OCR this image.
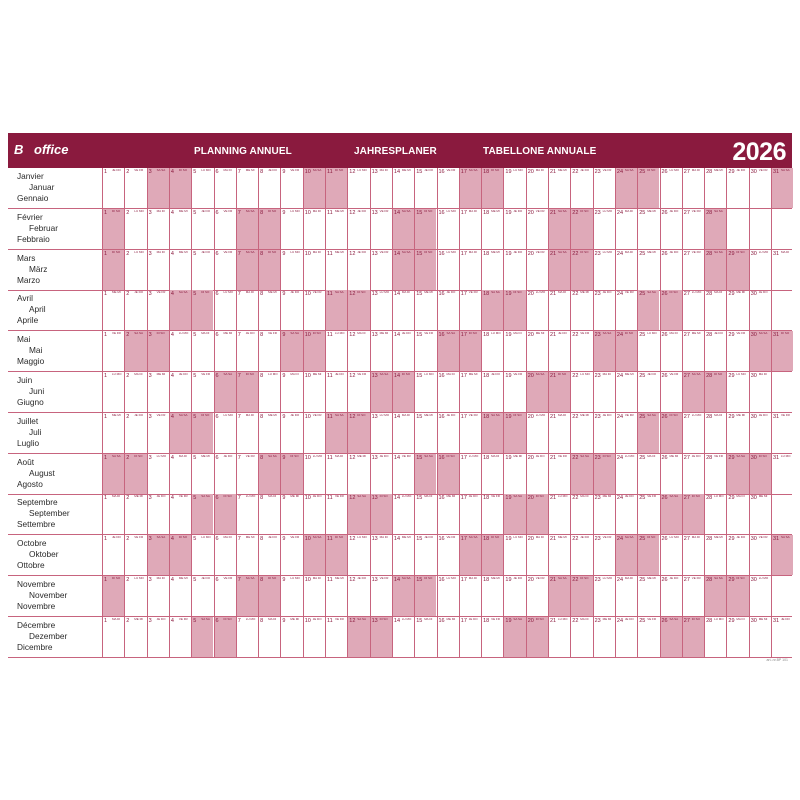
B office	PLANNING ANNUEL	JAHRESPLANER	TABELLONE ANNUALE	2026
Janvier
Januar
Gennaio
1 JE DO 2 VE FR 3 SA SA 4 DI SO 5 LU MO 6 MA DI 7 ME MI 8 JE DO 9 VE FR 10 SA SA 11 DI SO 12 LU MO 13 MA DI 14 ME MI 15 JE DO 16 VE FR 17 SA SA 18 DI SO 19 LU MO 20 MA DI 21 ME MI 22 JE DO 23 VE FR 24 SA SA 25 DI SO 26 LU MO 27 MA DI 28 ME MI 29 JE DO 30 VE FR 31 SA SA
Février
Februar
Febbraio
1 DI SO 2 LU MO 3 MA DI 4 ME MI 5 JE DO 6 VE FR 7 SA SA 8 DI SO 9 LU MO 10 MA DI 11 ME MI 12 JE DO 13 VE FR 14 SA SA 15 DI SO 16 LU MO 17 MA DI 18 ME MI 19 JE DO 20 VE FR 21 SA SA 22 DI SO 23 LU MO 24 MA DI 25 ME MI 26 JE DO 27 VE FR 28 SA SA
Mars
März
Marzo
1 DI SO 2 LU MO 3 MA DI 4 ME MI 5 JE DO 6 VE FR 7 SA SA 8 DI SO 9 LU MO 10 MA DI 11 ME MI 12 JE DO 13 VE FR 14 SA SA 15 DI SO 16 LU MO 17 MA DI 18 ME MI 19 JE DO 20 VE FR 21 SA SA 22 DI SO 23 LU MO 24 MA DI 25 ME MI 26 JE DO 27 VE FR 28 SA SA 29 DI SO 30 LU MO 31 MA DI
Avril
April
Aprile
1 ME MI 2 JE DO 3 VE FR 4 SA SA 5 DI SO 6 LU MO 7 MA DI 8 ME MI 9 JE DO 10 VE FR 11 SA SA 12 DI SO 13 LU MO 14 MA DI 15 ME MI 16 JE DO 17 VE FR 18 SA SA 19 DI SO 20 LU MO 21 MA DI 22 ME MI 23 JE DO 24 VE FR 25 SA SA 26 DI SO 27 LU MO 28 MA DI 29 ME MI 30 JE DO
Mai
Mai
Maggio
1 VE FR 2 SA SA 3 DI SO 4 LU MO 5 MA DI 6 ME MI 7 JE DO 8 VE FR 9 SA SA 10 DI SO 11 LU MO 12 MA DI 13 ME MI 14 JE DO 15 VE FR 16 SA SA 17 DI SO 18 LU MO 19 MA DI 20 ME MI 21 JE DO 22 VE FR 23 SA SA 24 DI SO 25 LU MO 26 MA DI 27 ME MI 28 JE DO 29 VE FR 30 SA SA 31 DI SO
Juin
Juni
Giugno
1 LU MO 2 MA DI 3 ME MI 4 JE DO 5 VE FR 6 SA SA 7 DI SO 8 LU MO 9 MA DI 10 ME MI 11 JE DO 12 VE FR 13 SA SA 14 DI SO 15 LU MO 16 MA DI 17 ME MI 18 JE DO 19 VE FR 20 SA SA 21 DI SO 22 LU MO 23 MA DI 24 ME MI 25 JE DO 26 VE FR 27 SA SA 28 DI SO 29 LU MO 30 MA DI
Juillet
Juli
Luglio
1 ME MI 2 JE DO 3 VE FR 4 SA SA 5 DI SO 6 LU MO 7 MA DI 8 ME MI 9 JE DO 10 VE FR 11 SA SA 12 DI SO 13 LU MO 14 MA DI 15 ME MI 16 JE DO 17 VE FR 18 SA SA 19 DI SO 20 LU MO 21 MA DI 22 ME MI 23 JE DO 24 VE FR 25 SA SA 26 DI SO 27 LU MO 28 MA DI 29 ME MI 30 JE DO 31 VE FR
Août
August
Agosto
1 SA SA 2 DI SO 3 LU MO 4 MA DI 5 ME MI 6 JE DO 7 VE FR 8 SA SA 9 DI SO 10 LU MO 11 MA DI 12 ME MI 13 JE DO 14 VE FR 15 SA SA 16 DI SO 17 LU MO 18 MA DI 19 ME MI 20 JE DO 21 VE FR 22 SA SA 23 DI SO 24 LU MO 25 MA DI 26 ME MI 27 JE DO 28 VE FR 29 SA SA 30 DI SO 31 LU MO
Septembre
September
Settembre
1 MA DI 2 ME MI 3 JE DO 4 VE FR 5 SA SA 6 DI SO 7 LU MO 8 MA DI 9 ME MI 10 JE DO 11 VE FR 12 SA SA 13 DI SO 14 LU MO 15 MA DI 16 ME MI 17 JE DO 18 VE FR 19 SA SA 20 DI SO 21 LU MO 22 MA DI 23 ME MI 24 JE DO 25 VE FR 26 SA SA 27 DI SO 28 LU MO 29 MA DI 30 ME MI
Octobre
Oktober
Ottobre
1 JE DO 2 VE FR 3 SA SA 4 DI SO 5 LU MO 6 MA DI 7 ME MI 8 JE DO 9 VE FR 10 SA SA 11 DI SO 12 LU MO 13 MA DI 14 ME MI 15 JE DO 16 VE FR 17 SA SA 18 DI SO 19 LU MO 20 MA DI 21 ME MI 22 JE DO 23 VE FR 24 SA SA 25 DI SO 26 LU MO 27 MA DI 28 ME MI 29 JE DO 30 VE FR 31 SA SA
Novembre
November
Novembre
1 DI SO 2 LU MO 3 MA DI 4 ME MI 5 JE DO 6 VE FR 7 SA SA 8 DI SO 9 LU MO 10 MA DI 11 ME MI 12 JE DO 13 VE FR 14 SA SA 15 DI SO 16 LU MO 17 MA DI 18 ME MI 19 JE DO 20 VE FR 21 SA SA 22 DI SO 23 LU MO 24 MA DI 25 ME MI 26 JE DO 27 VE FR 28 SA SA 29 DI SO 30 LU MO
Décembre
Dezember
Dicembre
1 MA DI 2 ME MI 3 JE DO 4 VE FR 5 SA SA 6 DI SO 7 LU MO 8 MA DI 9 ME MI 10 JE DO 11 VE FR 12 SA SA 13 DI SO 14 LU MO 15 MA DI 16 ME MI 17 JE DO 18 VE FR 19 SA SA 20 DI SO 21 LU MO 22 MA DI 23 ME MI 24 JE DO 25 VE FR 26 SA SA 27 DI SO 28 LU MO 29 MA DI 30 ME MI 31 JE DO
art.-nr.BP 101
